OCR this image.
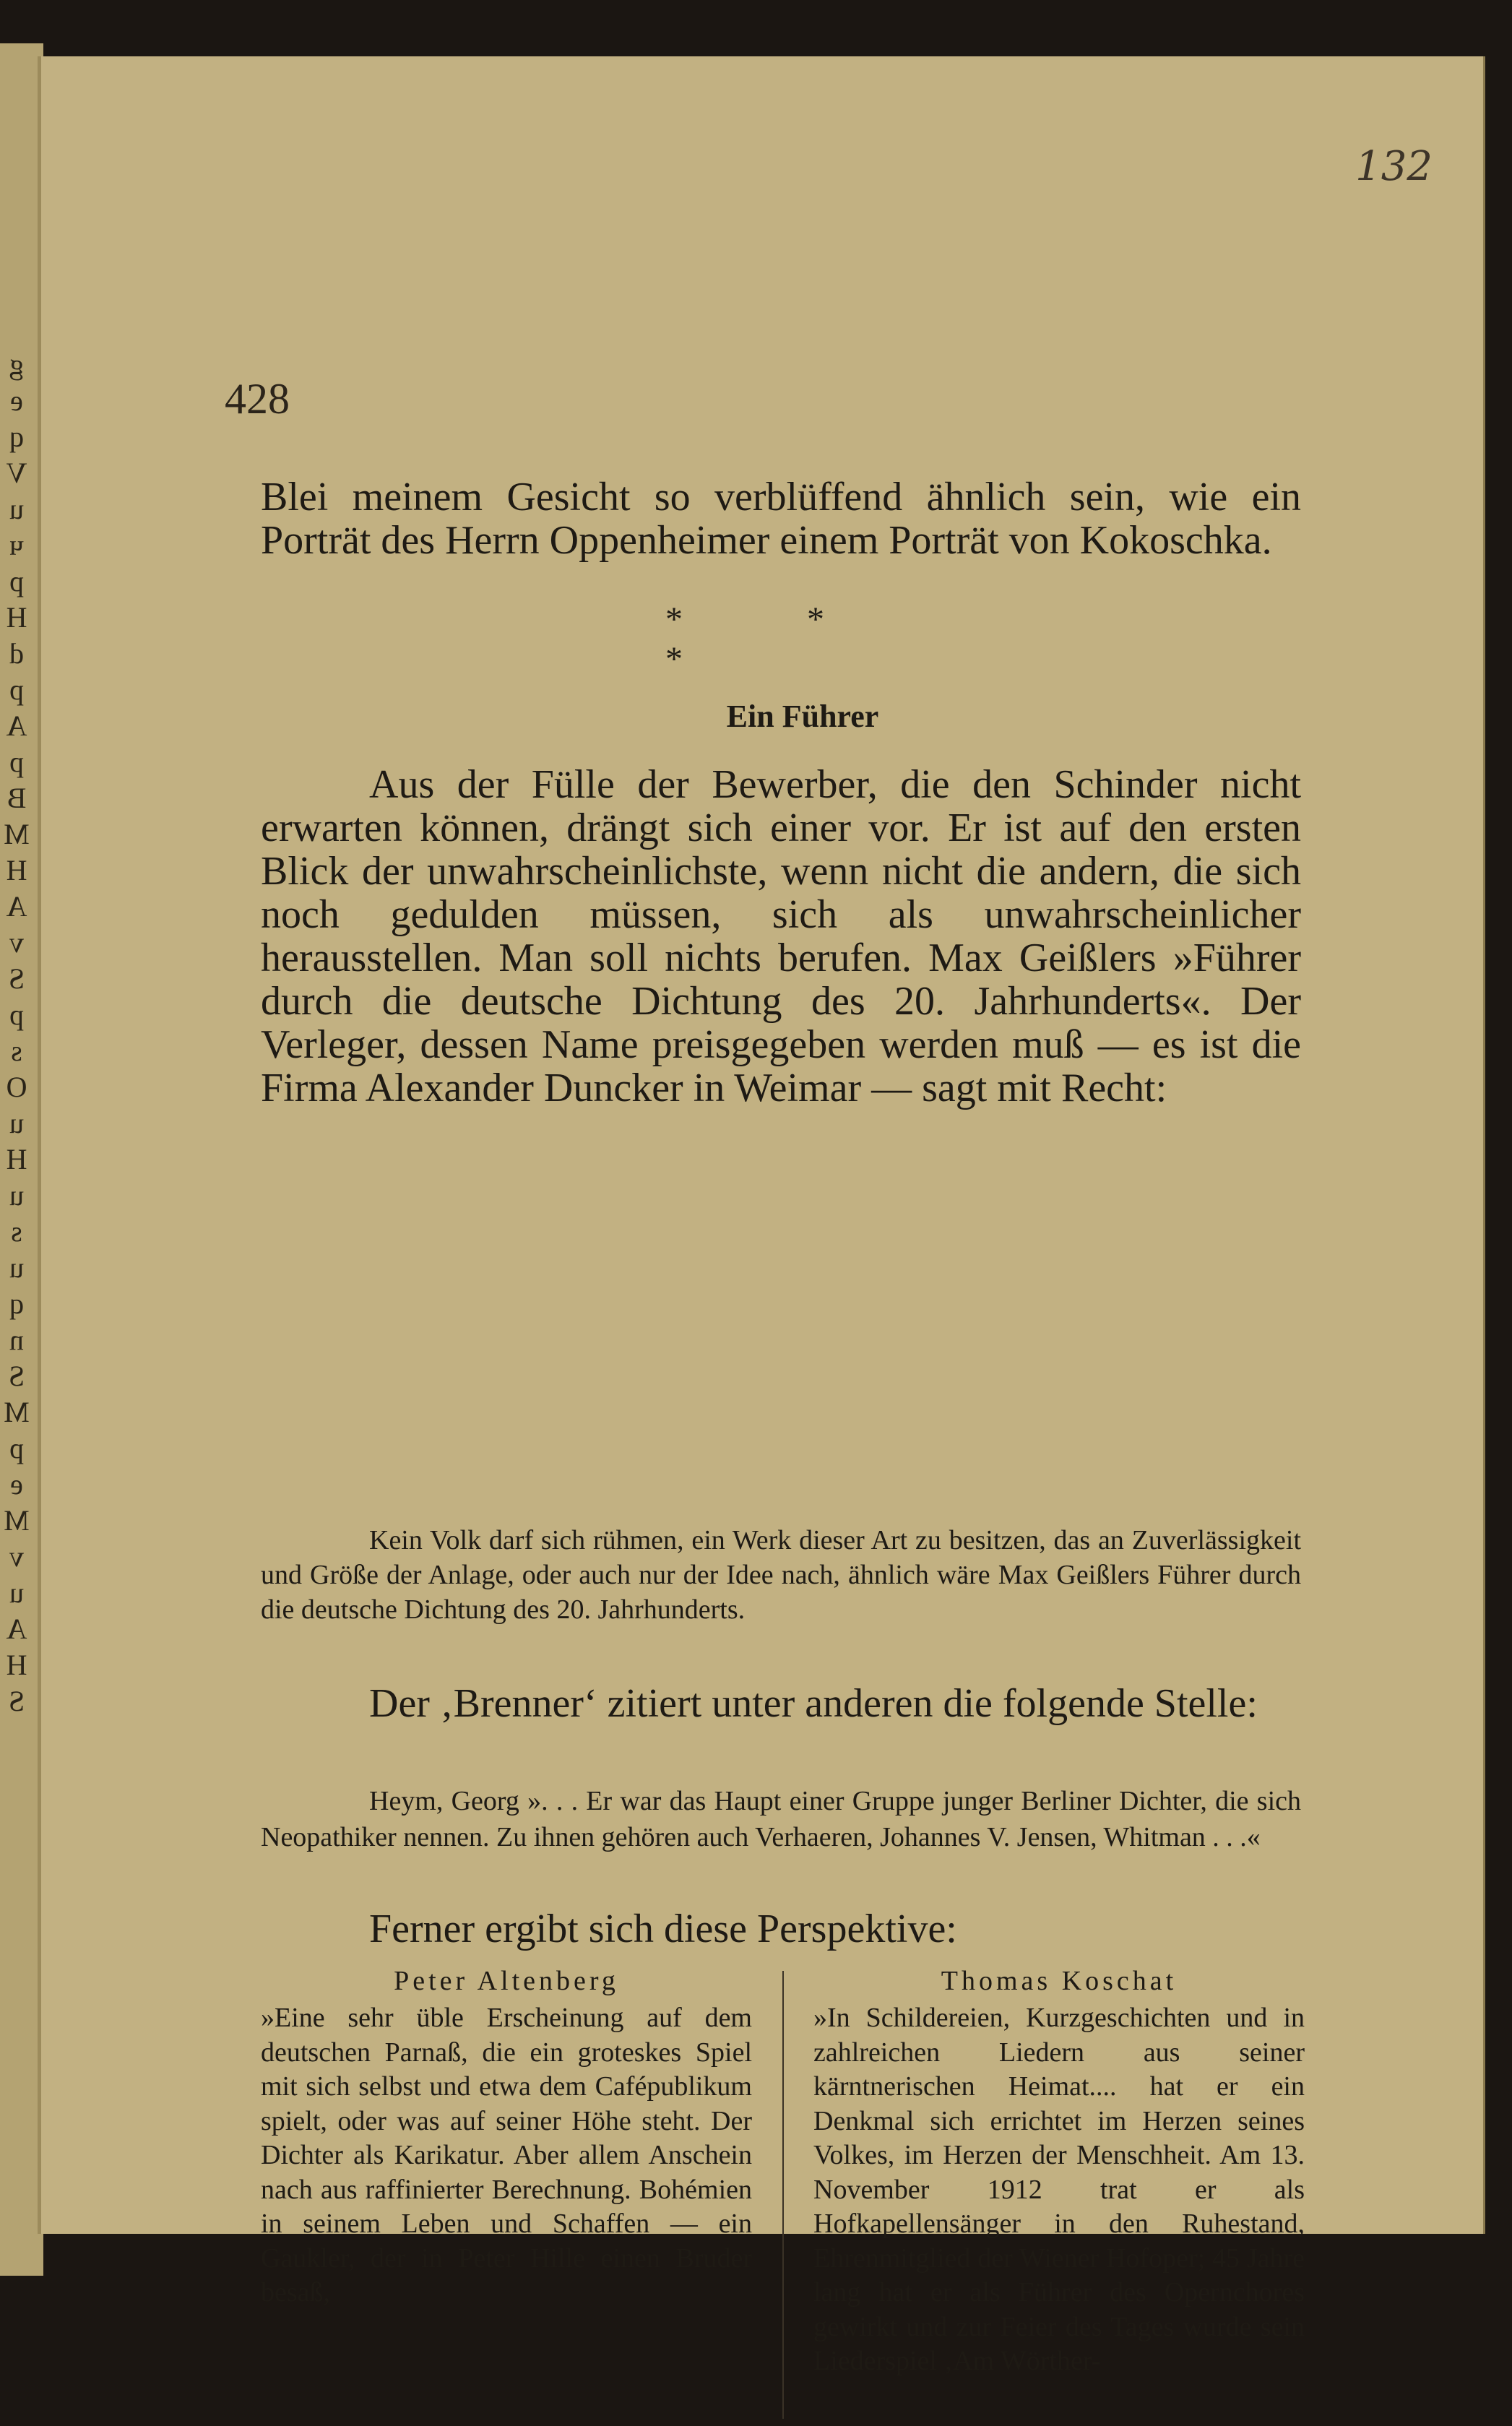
g
e
q
V
u
ч
p
H
d
p
A
p
B
M
H
A
v
S
p
s
O
u
H
u
s
u
q
n
S
M
p
e
M
v
u
A
H
S
132
428

Blei meinem Gesicht so verblüffend ähnlich sein, wie ein Porträt des Herrn Oppenheimer einem Porträt von Kokoschka.

* * *
Ein Führer

Aus der Fülle der Bewerber, die den Schinder nicht erwarten können, drängt sich einer vor. Er ist auf den ersten Blick der unwahrscheinlichste, wenn nicht die andern, die sich noch gedulden müssen, sich als unwahrscheinlicher herausstellen. Man soll nichts berufen. Max Geißlers »Führer durch die deutsche Dichtung des 20. Jahrhunderts«. Der Verleger, dessen Name preisgegeben werden muß — es ist die Firma Alexander Duncker in Weimar — sagt mit Recht:

Kein Volk darf sich rühmen, ein Werk dieser Art zu besitzen, das an Zuverlässigkeit und Größe der Anlage, oder auch nur der Idee nach, ähnlich wäre Max Geißlers Führer durch die deutsche Dichtung des 20. Jahrhunderts.

Der ‚Brenner‘ zitiert unter anderen die folgende Stelle:

Heym, Georg ». . . Er war das Haupt einer Gruppe junger Berliner Dichter, die sich Neopathiker nennen. Zu ihnen gehören auch Verhaeren, Johannes V. Jensen, Whitman . . .«

Ferner ergibt sich diese Perspektive:
Peter Altenberg

»Eine sehr üble Erscheinung auf dem deutschen Parnaß, die ein groteskes Spiel mit sich selbst und etwa dem Cafépublikum spielt, oder was auf seiner Höhe steht. Der Dichter als Karikatur. Aber allem Anschein nach aus raffinierter Berechnung. Bohémien in seinem Leben und Schaffen — ein Gaukler, der in Peter Hille einen Bruder besaß,

Thomas Koschat

»In Schildereien, Kurzgeschichten und in zahlreichen Liedern aus seiner kärntnerischen Heimat.... hat er ein Denkmal sich errichtet im Herzen seines Volkes, im Herzen der Menschheit. Am 13. November 1912 trat er als Hofkapellensänger in den Ruhestand, Ehrenmitglied der Wiener Hofoper; 45 Jahre lang hat er als Führer des Opernchores gewirkt und zur Feier des Tages wurde sein Liederspiel ‚Am Wörther-
